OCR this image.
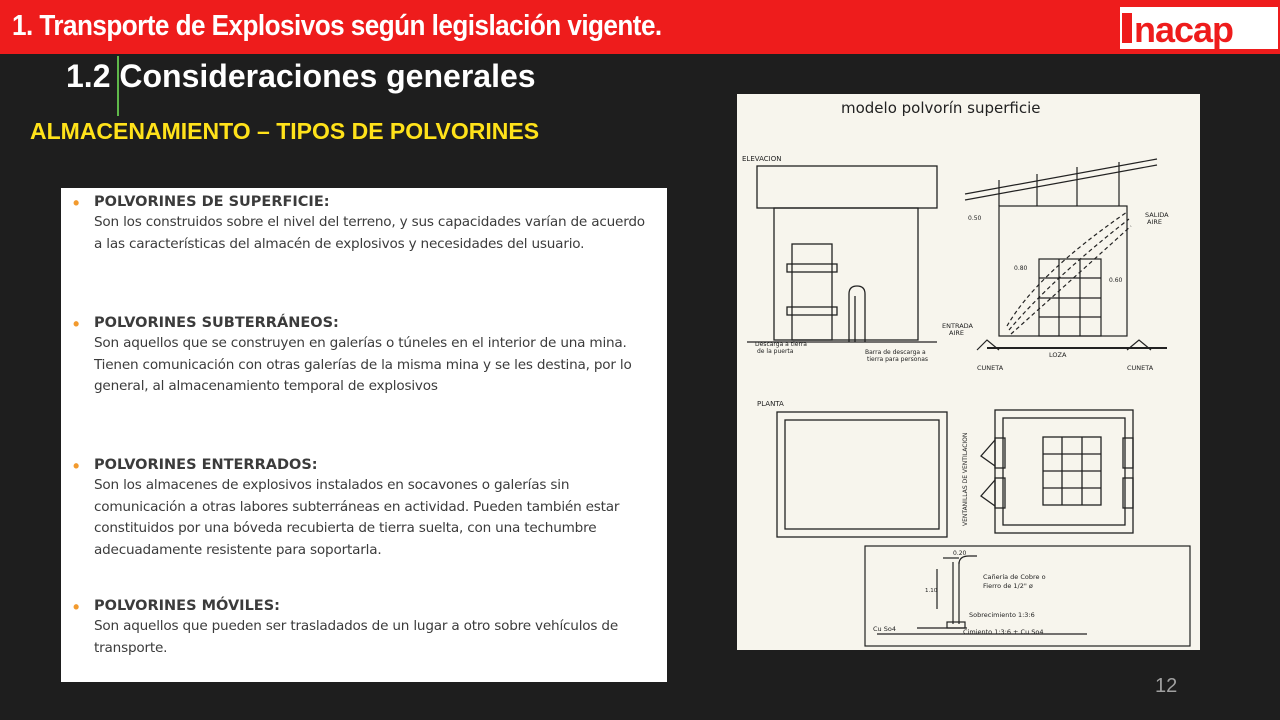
1. Transporte de Explosivos según legislación vigente.	nacap
1.2 Consideraciones generales
ALMACENAMIENTO – TIPOS DE POLVORINES
• POLVORINES DE SUPERFICIE:
Son los construidos sobre el nivel del terreno, y sus capacidades varían de acuerdo a las características del almacén de explosivos y necesidades del usuario.
• POLVORINES SUBTERRÁNEOS:
Son aquellos que se construyen en galerías o túneles en el interior de una mina. Tienen comunicación con otras galerías de la misma mina y se les destina, por lo general, al almacenamiento temporal de explosivos
• POLVORINES ENTERRADOS:
Son los almacenes de explosivos instalados en socavones o galerías sin comunicación a otras labores subterráneas en actividad. Pueden también estar constituidos por una bóveda recubierta de tierra suelta, con una techumbre adecuadamente resistente para soportarla.
• POLVORINES MÓVILES:
Son aquellos que pueden ser trasladados de un lugar a otro sobre vehículos de transporte.
modelo polvorín superficie
ELEVACION
Descarga a tierra
de la puerta	Barra de descarga a
tierra para personas
SALIDA
AIRE
ENTRADA
AIRE
0.50
0.80
0.60
CUNETA
LOZA
CUNETA
PLANTA
VENTANILLAS DE VENTILACION
0.20
1.10
Cañería de Cobre o
Fierro de 1/2" ø
Sobrecimiento 1:3:6
Cimiento 1:3:6 + Cu So4
Cu So4
12
